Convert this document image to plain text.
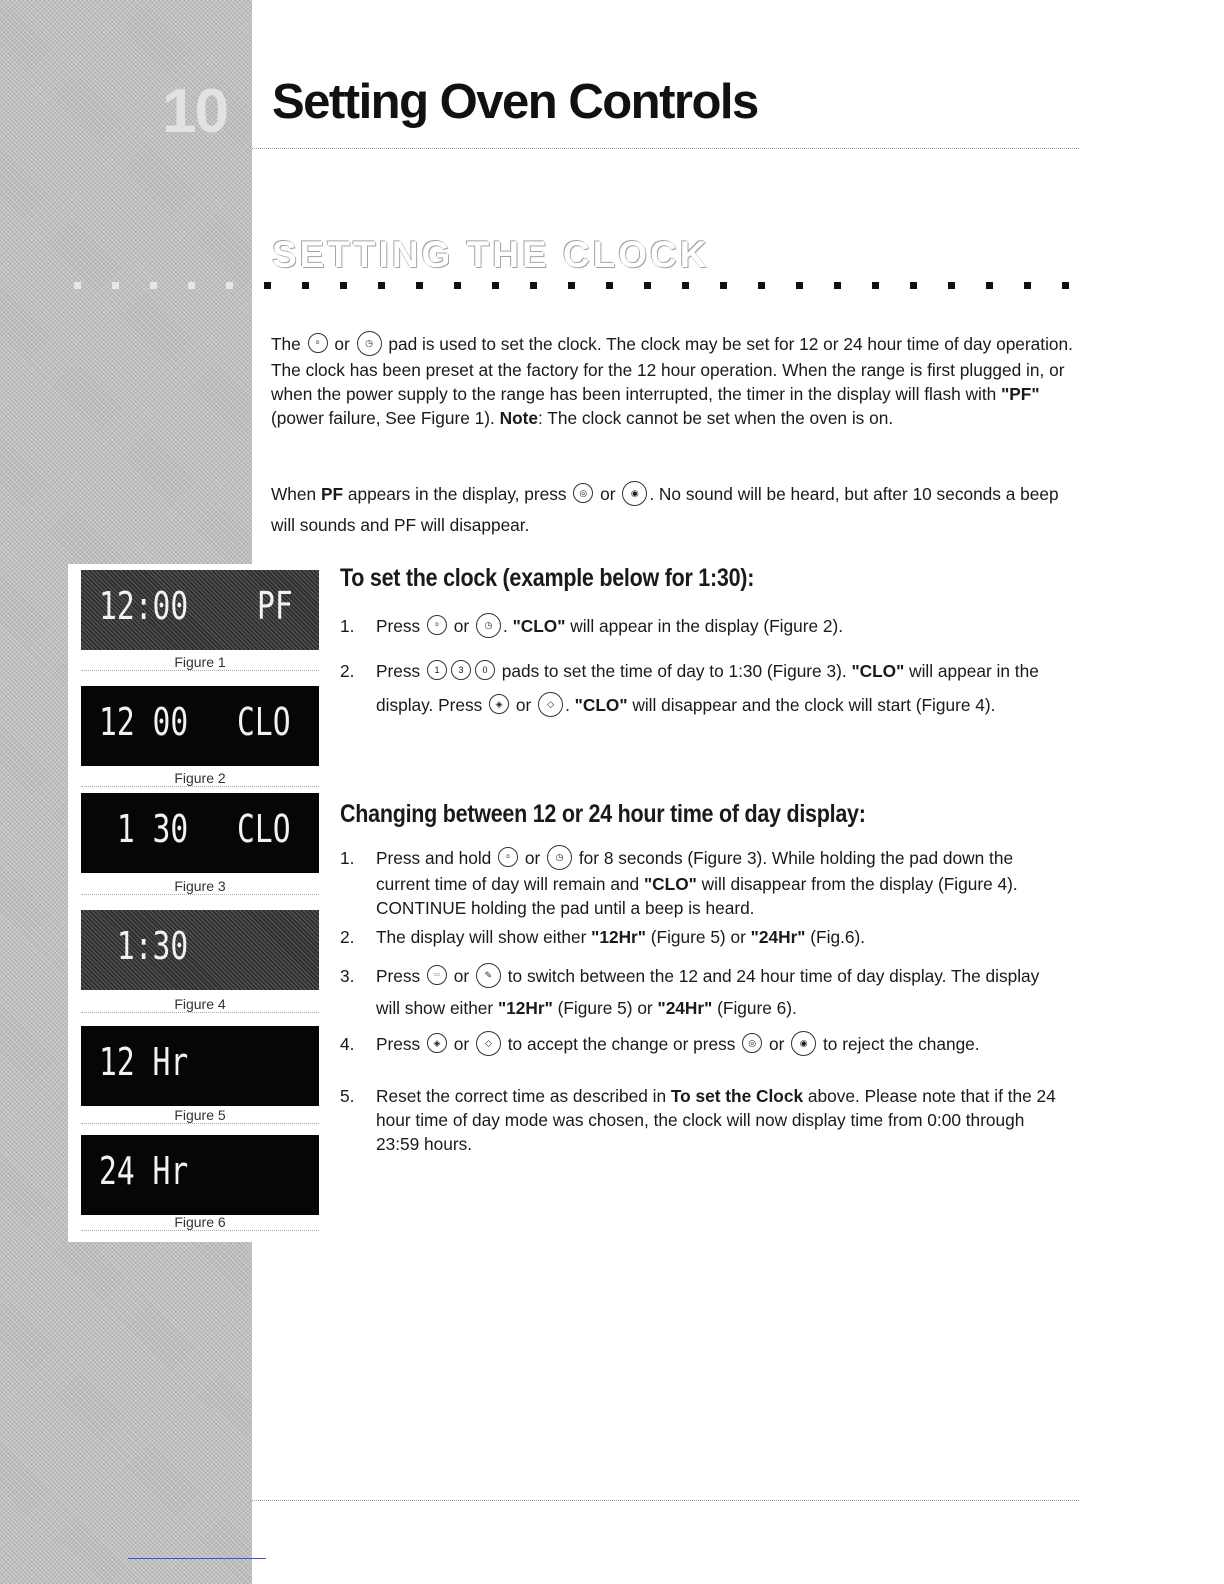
10 Setting Oven Controls
SETTING THE CLOCK

The ⏲ or ◷ pad is used to set the clock. The clock may be set for 12 or 24 hour time of day operation. The clock has been preset at the factory for the 12 hour operation. When the range is first plugged in, or when the power supply to the range has been interrupted, the timer in the display will flash with "PF" (power failure, See Figure 1). Note: The clock cannot be set when the oven is on.

When PF appears in the display, press ◎ or ◉ . No sound will be heard, but after 10 seconds a beep will sounds and PF will disappear.

12:00 PF
Figure 1
12 00 CLO
Figure 2
1 30 CLO
Figure 3
1:30
Figure 4
12 Hr
Figure 5
24 Hr
Figure 6
To set the clock (example below for 1:30):
1. Press ⏲ or ◷ . "CLO" will appear in the display (Figure 2).
2. Press 1 3 0 pads to set the time of day to 1:30 (Figure 3). "CLO" will appear in the display. Press ◈ or ◇ . "CLO" will disappear and the clock will start (Figure 4).
Changing between 12 or 24 hour time of day display:
1. Press and hold ⏲ or ◷ for 8 seconds (Figure 3). While holding the pad down the current time of day will remain and "CLO" will disappear from the display (Figure 4). CONTINUE holding the pad until a beep is heard.
2. The display will show either "12Hr" (Figure 5) or "24Hr" (Fig.6).
3. Press ▭ or ✎ to switch between the 12 and 24 hour time of day display. The display will show either "12Hr" (Figure 5) or "24Hr" (Figure 6).
4. Press ◈ or ◇ to accept the change or press ◎ or ◉ to reject the change.
5. Reset the correct time as described in To set the Clock above. Please note that if the 24 hour time of day mode was chosen, the clock will now display time from 0:00 through 23:59 hours.
